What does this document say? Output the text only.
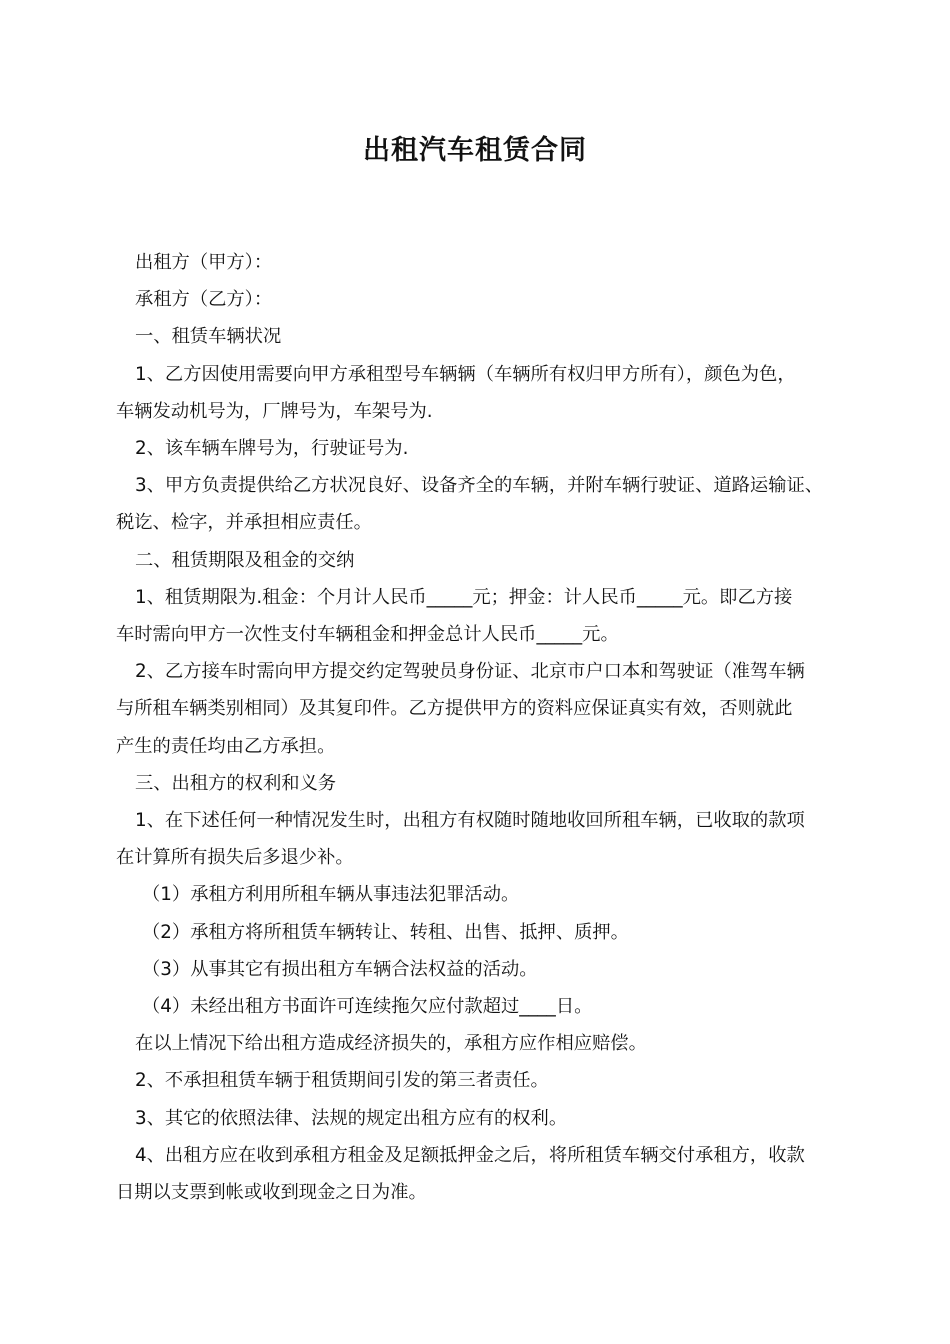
出租汽车租赁合同

出租方（甲方）：

承租方（乙方）：

一、租赁车辆状况

1、乙方因使用需要向甲方承租型号车辆辆（车辆所有权归甲方所有），颜色为色，

车辆发动机号为，厂牌号为，车架号为.

2、该车辆车牌号为，行驶证号为.

3、甲方负责提供给乙方状况良好、设备齐全的车辆，并附车辆行驶证、道路运输证、

税讫、检字，并承担相应责任。

二、租赁期限及租金的交纳

1、租赁期限为.租金：个月计人民币_____元；押金：计人民币_____元。即乙方接

车时需向甲方一次性支付车辆租金和押金总计人民币_____元。

2、乙方接车时需向甲方提交约定驾驶员身份证、北京市户口本和驾驶证（准驾车辆

与所租车辆类别相同）及其复印件。乙方提供甲方的资料应保证真实有效，否则就此

产生的责任均由乙方承担。

三、出租方的权利和义务

1、在下述任何一种情况发生时，出租方有权随时随地收回所租车辆，已收取的款项

在计算所有损失后多退少补。

（1）承租方利用所租车辆从事违法犯罪活动。

（2）承租方将所租赁车辆转让、转租、出售、抵押、质押。

（3）从事其它有损出租方车辆合法权益的活动。

（4）未经出租方书面许可连续拖欠应付款超过____日。

在以上情况下给出租方造成经济损失的，承租方应作相应赔偿。

2、不承担租赁车辆于租赁期间引发的第三者责任。

3、其它的依照法律、法规的规定出租方应有的权利。

4、出租方应在收到承租方租金及足额抵押金之后，将所租赁车辆交付承租方，收款

日期以支票到帐或收到现金之日为准。
